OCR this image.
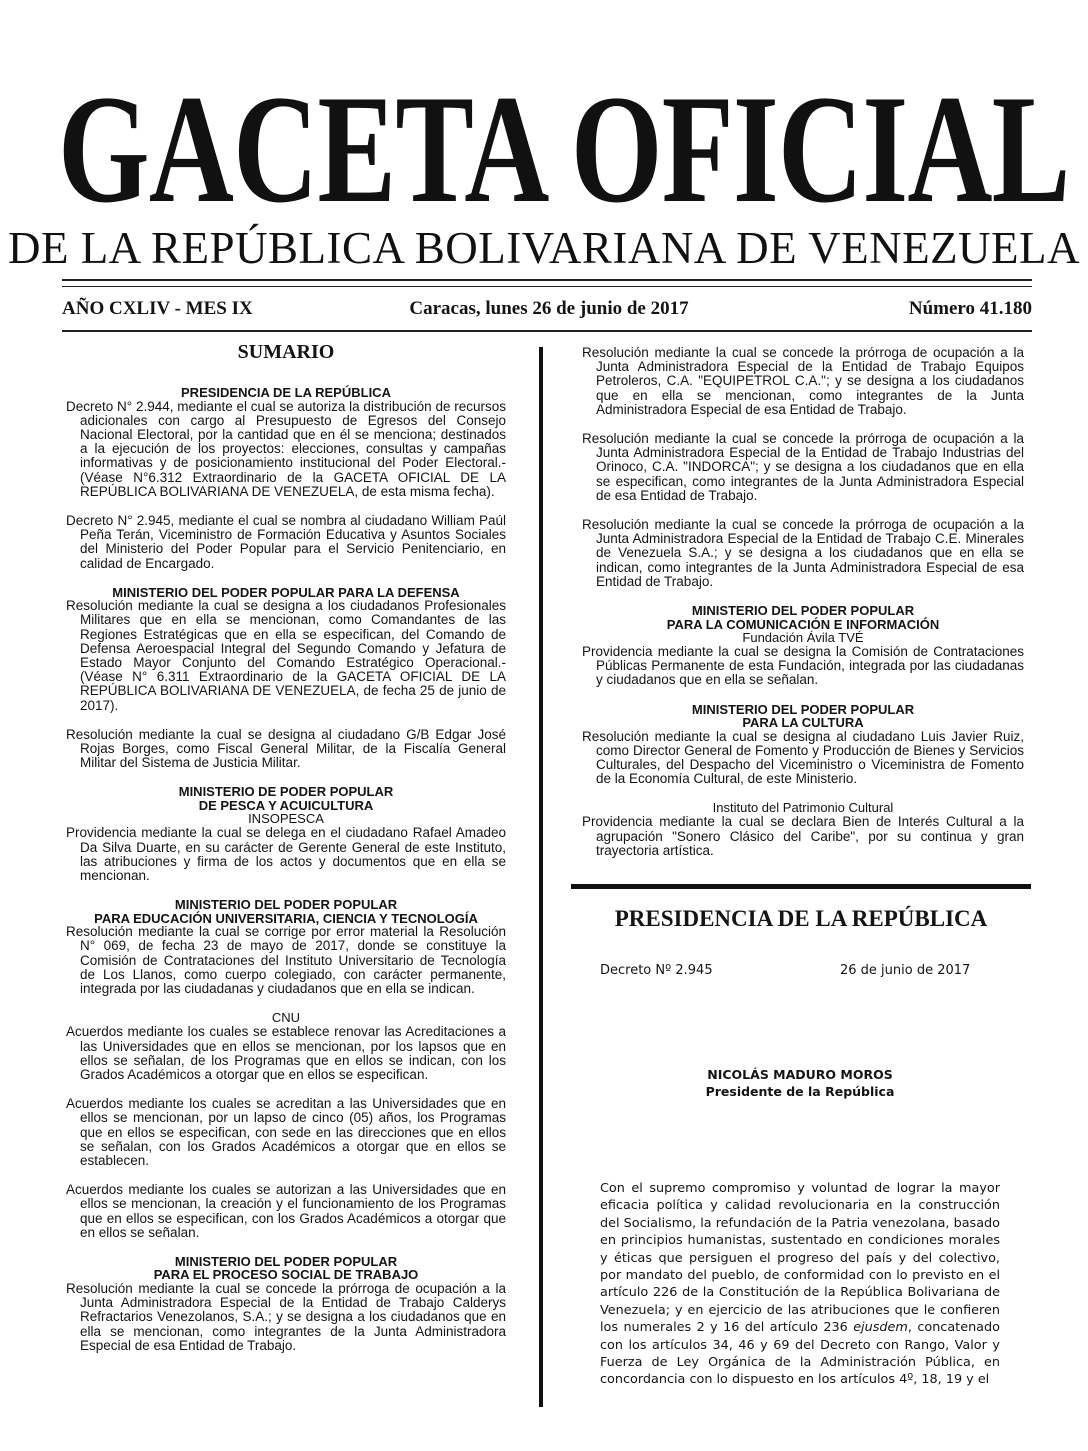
GACETA OFICIAL
DE LA REPÚBLICA BOLIVARIANA DE VENEZUELA
AÑO CXLIV - MES IX	Caracas, lunes 26 de junio de 2017	Número 41.180
SUMARIO
PRESIDENCIA DE LA REPÚBLICA

Decreto N° 2.944, mediante el cual se autoriza la distribución de recursos adicionales con cargo al Presupuesto de Egresos del Consejo Nacional Electoral, por la cantidad que en él se menciona; destinados a la ejecución de los proyectos: elecciones, consultas y campañas informativas y de posicionamiento institucional del Poder Electoral.- (Véase N°6.312 Extraordinario de la GACETA OFICIAL DE LA REPÚBLICA BOLIVARIANA DE VENEZUELA, de esta misma fecha).

Decreto N° 2.945, mediante el cual se nombra al ciudadano William Paúl Peña Terán, Viceministro de Formación Educativa y Asuntos Sociales del Ministerio del Poder Popular para el Servicio Penitenciario, en calidad de Encargado.

MINISTERIO DEL PODER POPULAR PARA LA DEFENSA

Resolución mediante la cual se designa a los ciudadanos Profesionales Militares que en ella se mencionan, como Comandantes de las Regiones Estratégicas que en ella se especifican, del Comando de Defensa Aeroespacial Integral del Segundo Comando y Jefatura de Estado Mayor Conjunto del Comando Estratégico Operacional.- (Véase N° 6.311 Extraordinario de la GACETA OFICIAL DE LA REPÚBLICA BOLIVARIANA DE VENEZUELA, de fecha 25 de junio de 2017).

Resolución mediante la cual se designa al ciudadano G/B Edgar José Rojas Borges, como Fiscal General Militar, de la Fiscalía General Militar del Sistema de Justicia Militar.

MINISTERIO DE PODER POPULAR
DE PESCA Y ACUICULTURA
INSOPESCA

Providencia mediante la cual se delega en el ciudadano Rafael Amadeo Da Silva Duarte, en su carácter de Gerente General de este Instituto, las atribuciones y firma de los actos y documentos que en ella se mencionan.

MINISTERIO DEL PODER POPULAR
PARA EDUCACIÓN UNIVERSITARIA, CIENCIA Y TECNOLOGÍA

Resolución mediante la cual se corrige por error material la Resolución N° 069, de fecha 23 de mayo de 2017, donde se constituye la Comisión de Contrataciones del Instituto Universitario de Tecnología de Los Llanos, como cuerpo colegiado, con carácter permanente, integrada por las ciudadanas y ciudadanos que en ella se indican.

CNU

Acuerdos mediante los cuales se establece renovar las Acreditaciones a las Universidades que en ellos se mencionan, por los lapsos que en ellos se señalan, de los Programas que en ellos se indican, con los Grados Académicos a otorgar que en ellos se especifican.

Acuerdos mediante los cuales se acreditan a las Universidades que en ellos se mencionan, por un lapso de cinco (05) años, los Programas que en ellos se especifican, con sede en las direcciones que en ellos se señalan, con los Grados Académicos a otorgar que en ellos se establecen.

Acuerdos mediante los cuales se autorizan a las Universidades que en ellos se mencionan, la creación y el funcionamiento de los Programas que en ellos se especifican, con los Grados Académicos a otorgar que en ellos se señalan.

MINISTERIO DEL PODER POPULAR
PARA EL PROCESO SOCIAL DE TRABAJO

Resolución mediante la cual se concede la prórroga de ocupación a la Junta Administradora Especial de la Entidad de Trabajo Calderys Refractarios Venezolanos, S.A.; y se designa a los ciudadanos que en ella se mencionan, como integrantes de la Junta Administradora Especial de esa Entidad de Trabajo.

Resolución mediante la cual se concede la prórroga de ocupación a la Junta Administradora Especial de la Entidad de Trabajo Equipos Petroleros, C.A. "EQUIPETROL C.A."; y se designa a los ciudadanos que en ella se mencionan, como integrantes de la Junta Administradora Especial de esa Entidad de Trabajo.

Resolución mediante la cual se concede la prórroga de ocupación a la Junta Administradora Especial de la Entidad de Trabajo Industrias del Orinoco, C.A. "INDORCA"; y se designa a los ciudadanos que en ella se especifican, como integrantes de la Junta Administradora Especial de esa Entidad de Trabajo.

Resolución mediante la cual se concede la prórroga de ocupación a la Junta Administradora Especial de la Entidad de Trabajo C.E. Minerales de Venezuela S.A.; y se designa a los ciudadanos que en ella se indican, como integrantes de la Junta Administradora Especial de esa Entidad de Trabajo.

MINISTERIO DEL PODER POPULAR
PARA LA COMUNICACIÓN E INFORMACIÓN
Fundación Ávila TVÉ

Providencia mediante la cual se designa la Comisión de Contrataciones Públicas Permanente de esta Fundación, integrada por las ciudadanas y ciudadanos que en ella se señalan.

MINISTERIO DEL PODER POPULAR
PARA LA CULTURA

Resolución mediante la cual se designa al ciudadano Luis Javier Ruiz, como Director General de Fomento y Producción de Bienes y Servicios Culturales, del Despacho del Viceministro o Viceministra de Fomento de la Economía Cultural, de este Ministerio.

Instituto del Patrimonio Cultural

Providencia mediante la cual se declara Bien de Interés Cultural a la agrupación "Sonero Clásico del Caribe", por su continua y gran trayectoria artística.

PRESIDENCIA DE LA REPÚBLICA
Decreto Nº 2.945	26 de junio de 2017
NICOLÁS MADURO MOROS
Presidente de la República

Con el supremo compromiso y voluntad de lograr la mayor eficacia política y calidad revolucionaria en la construcción del Socialismo, la refundación de la Patria venezolana, basado en principios humanistas, sustentado en condiciones morales y éticas que persiguen el progreso del país y del colectivo, por mandato del pueblo, de conformidad con lo previsto en el artículo 226 de la Constitución de la República Bolivariana de Venezuela; y en ejercicio de las atribuciones que le confieren los numerales 2 y 16 del artículo 236 ejusdem, concatenado con los artículos 34, 46 y 69 del Decreto con Rango, Valor y Fuerza de Ley Orgánica de la Administración Pública, en concordancia con lo dispuesto en los artículos 4º, 18, 19 y el
